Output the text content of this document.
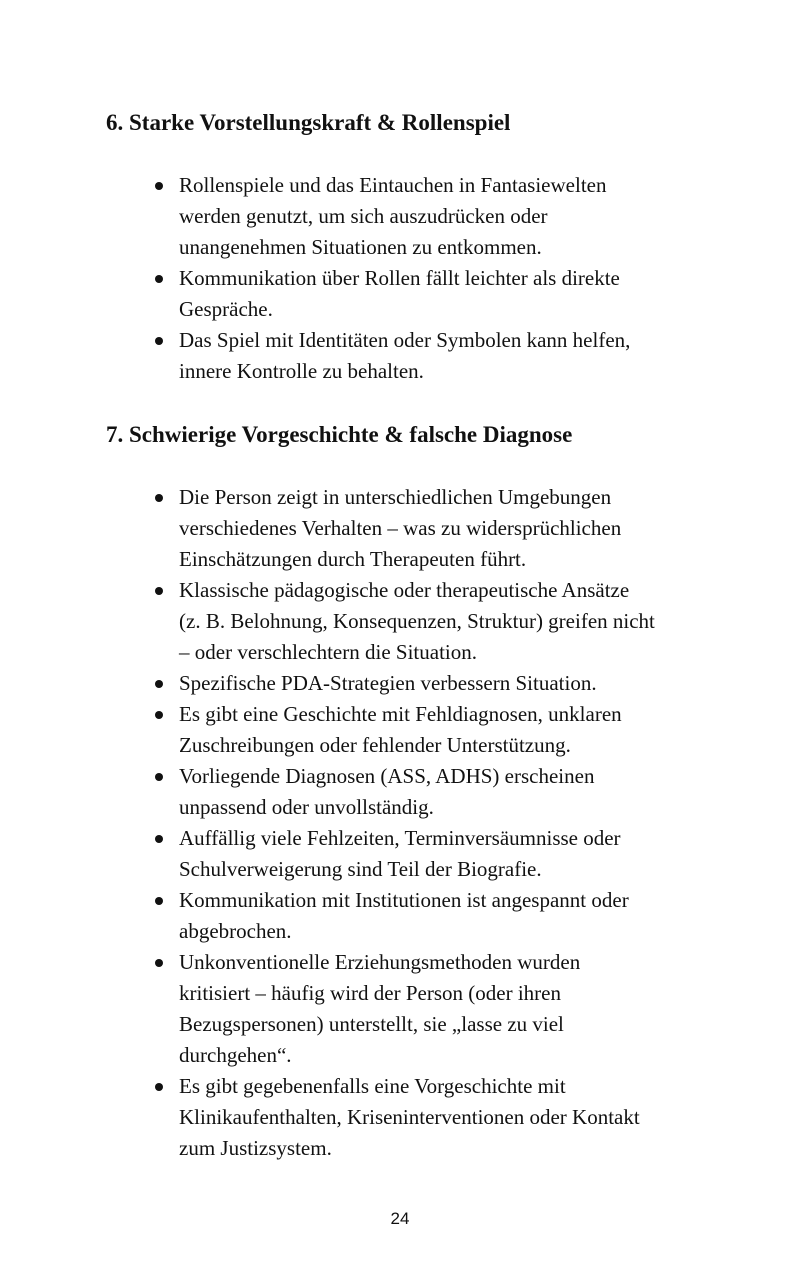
6. Starke Vorstellungskraft & Rollenspiel
Rollenspiele und das Eintauchen in Fantasiewelten
werden genutzt, um sich auszudrücken oder
unangenehmen Situationen zu entkommen.
Kommunikation über Rollen fällt leichter als direkte
Gespräche.
Das Spiel mit Identitäten oder Symbolen kann helfen,
innere Kontrolle zu behalten.
7. Schwierige Vorgeschichte & falsche Diagnose
Die Person zeigt in unterschiedlichen Umgebungen
verschiedenes Verhalten – was zu widersprüchlichen
Einschätzungen durch Therapeuten führt.
Klassische pädagogische oder therapeutische Ansätze
(z. B. Belohnung, Konsequenzen, Struktur) greifen nicht
– oder verschlechtern die Situation.
Spezifische PDA-Strategien verbessern Situation.
Es gibt eine Geschichte mit Fehldiagnosen, unklaren
Zuschreibungen oder fehlender Unterstützung.
Vorliegende Diagnosen (ASS, ADHS) erscheinen
unpassend oder unvollständig.
Auffällig viele Fehlzeiten, Terminversäumnisse oder
Schulverweigerung sind Teil der Biografie.
Kommunikation mit Institutionen ist angespannt oder
abgebrochen.
Unkonventionelle Erziehungsmethoden wurden
kritisiert – häufig wird der Person (oder ihren
Bezugspersonen) unterstellt, sie „lasse zu viel
durchgehen“.
Es gibt gegebenenfalls eine Vorgeschichte mit
Klinikaufenthalten, Kriseninterventionen oder Kontakt
zum Justizsystem.
24
